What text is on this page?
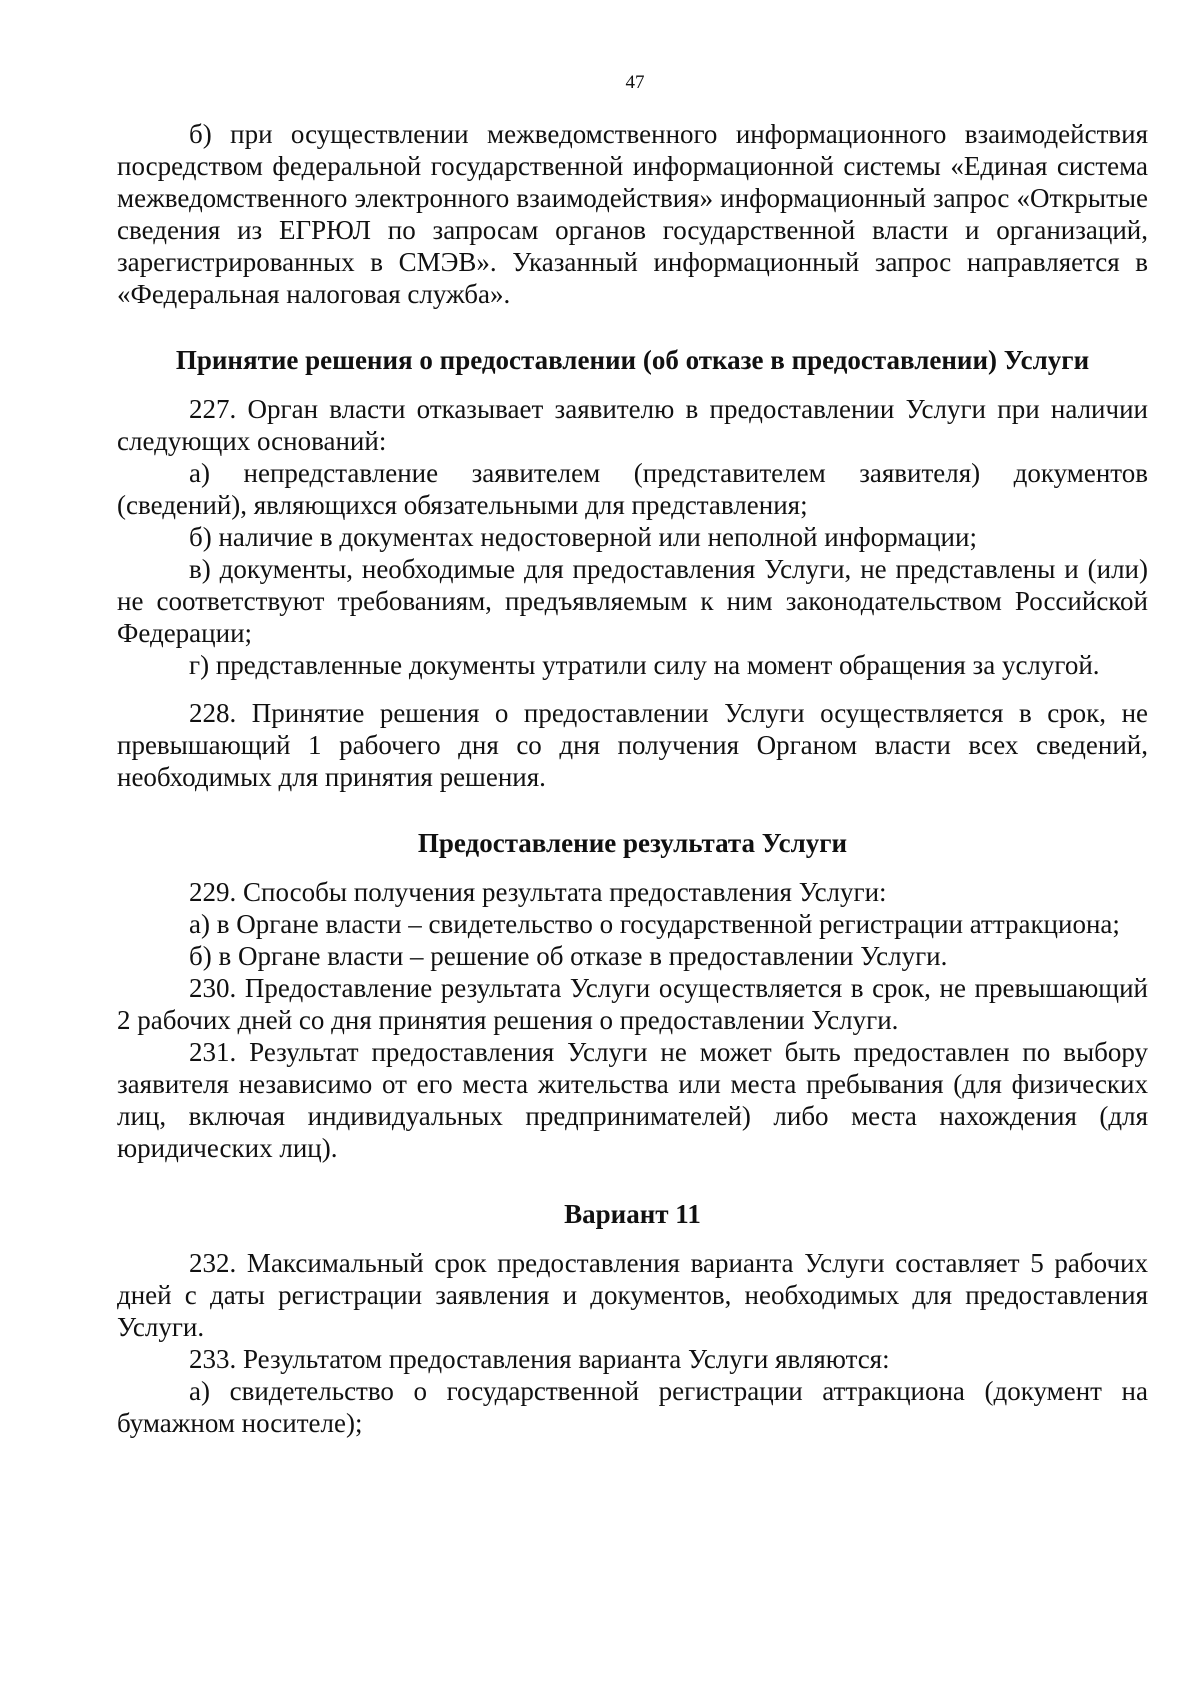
47

б) при осуществлении межведомственного информационного взаимодействия посредством федеральной государственной информационной системы «Единая система межведомственного электронного взаимодействия» информационный запрос «Открытые сведения из ЕГРЮЛ по запросам органов государственной власти и организаций, зарегистрированных в СМЭВ». Указанный информационный запрос направляется в «Федеральная налоговая служба».

Принятие решения о предоставлении (об отказе в предоставлении) Услуги

227. Орган власти отказывает заявителю в предоставлении Услуги при наличии следующих оснований:

а) непредставление заявителем (представителем заявителя) документов (сведений), являющихся обязательными для представления;

б) наличие в документах недостоверной или неполной информации;

в) документы, необходимые для предоставления Услуги, не представлены и (или) не соответствуют требованиям, предъявляемым к ним законодательством Российской Федерации;

г) представленные документы утратили силу на момент обращения за услугой.

228. Принятие решения о предоставлении Услуги осуществляется в срок, не превышающий 1 рабочего дня со дня получения Органом власти всех сведений, необходимых для принятия решения.

Предоставление результата Услуги

229. Способы получения результата предоставления Услуги:

а) в Органе власти – свидетельство о государственной регистрации аттракциона;

б) в Органе власти – решение об отказе в предоставлении Услуги.

230. Предоставление результата Услуги осуществляется в срок, не превышающий 2 рабочих дней со дня принятия решения о предоставлении Услуги.

231. Результат предоставления Услуги не может быть предоставлен по выбору заявителя независимо от его места жительства или места пребывания (для физических лиц, включая индивидуальных предпринимателей) либо места нахождения (для юридических лиц).

Вариант 11

232. Максимальный срок предоставления варианта Услуги составляет 5 рабочих дней с даты регистрации заявления и документов, необходимых для предоставления Услуги.

233. Результатом предоставления варианта Услуги являются:

а) свидетельство о государственной регистрации аттракциона (документ на бумажном носителе);
